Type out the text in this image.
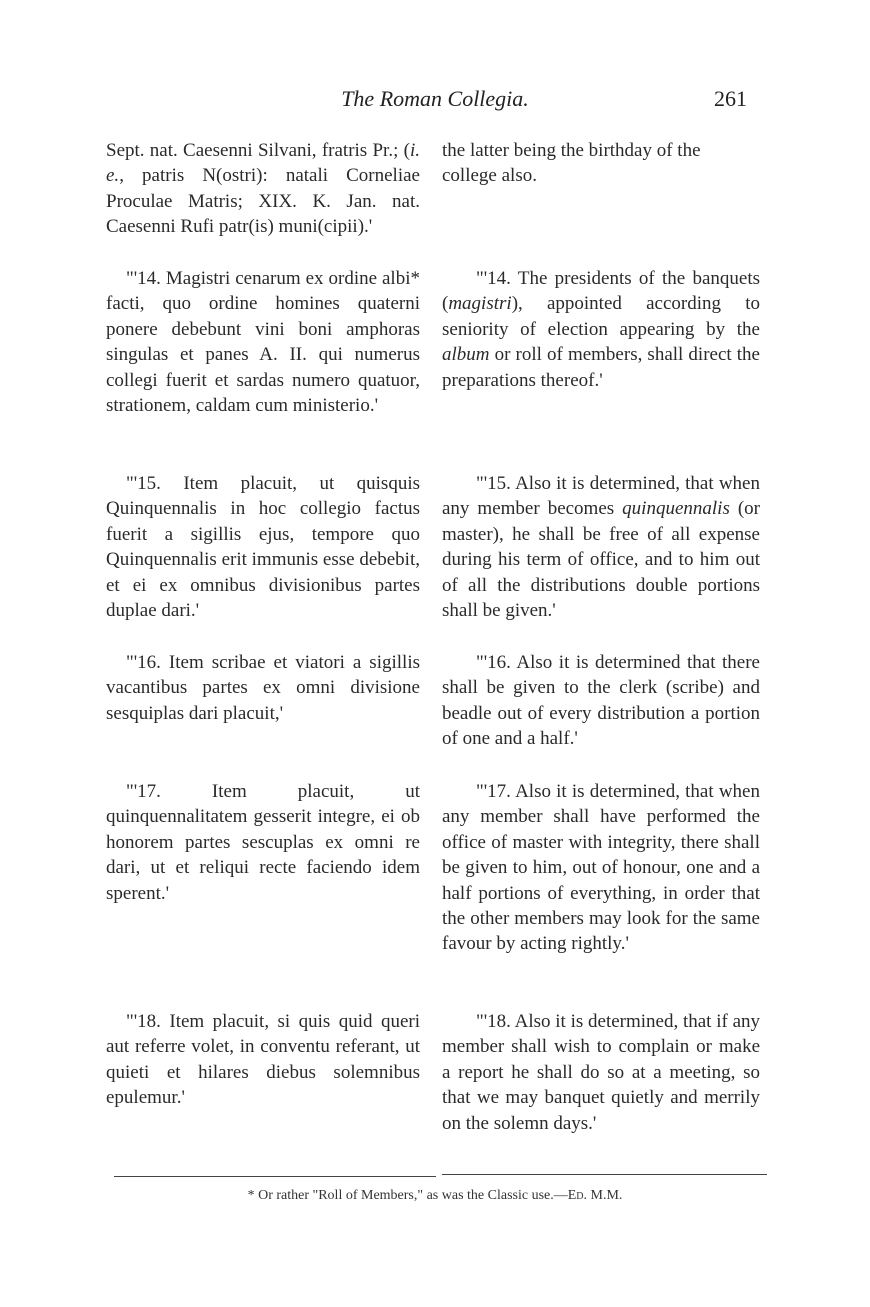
The Roman Collegia.	261
Sept. nat. Caesenni Silvani, fratris Pr.; (i. e., patris N(ostri): natali Corneliae Proculae Matris; XIX. K. Jan. nat. Caesenni Rufi patr(is) muni(cipii).'
"'14. Magistri cenarum ex ordine albi* facti, quo ordine homines quaterni ponere debebunt vini boni amphoras singulas et panes A. II. qui numerus collegi fuerit et sardas numero quatuor, strationem, caldam cum ministerio.'
"'15. Item placuit, ut quisquis Quinquennalis in hoc collegio factus fuerit a sigillis ejus, tempore quo Quinquennalis erit immunis esse debebit, et ei ex omnibus divisionibus partes duplae dari.'
"'16. Item scribae et viatori a sigillis vacantibus partes ex omni divisione sesquiplas dari placuit,'
"'17. Item placuit, ut quinquennalitatem gesserit integre, ei ob honorem partes sescuplas ex omni re dari, ut et reliqui recte faciendo idem sperent.'
"'18. Item placuit, si quis quid queri aut referre volet, in conventu referant, ut quieti et hilares diebus solemnibus epulemur.'
the latter being the birthday of the college also.
"'14. The presidents of the banquets (magistri), appointed according to seniority of election appearing by the album or roll of members, shall direct the preparations thereof.'
"'15. Also it is determined, that when any member becomes quinquennalis (or master), he shall be free of all expense during his term of office, and to him out of all the distributions double portions shall be given.'
"'16. Also it is determined that there shall be given to the clerk (scribe) and beadle out of every distribution a portion of one and a half.'
"'17. Also it is determined, that when any member shall have performed the office of master with integrity, there shall be given to him, out of honour, one and a half portions of everything, in order that the other members may look for the same favour by acting rightly.'
"'18. Also it is determined, that if any member shall wish to complain or make a report he shall do so at a meeting, so that we may banquet quietly and merrily on the solemn days.'
* Or rather "Roll of Members," as was the Classic use.—Ed. M.M.
